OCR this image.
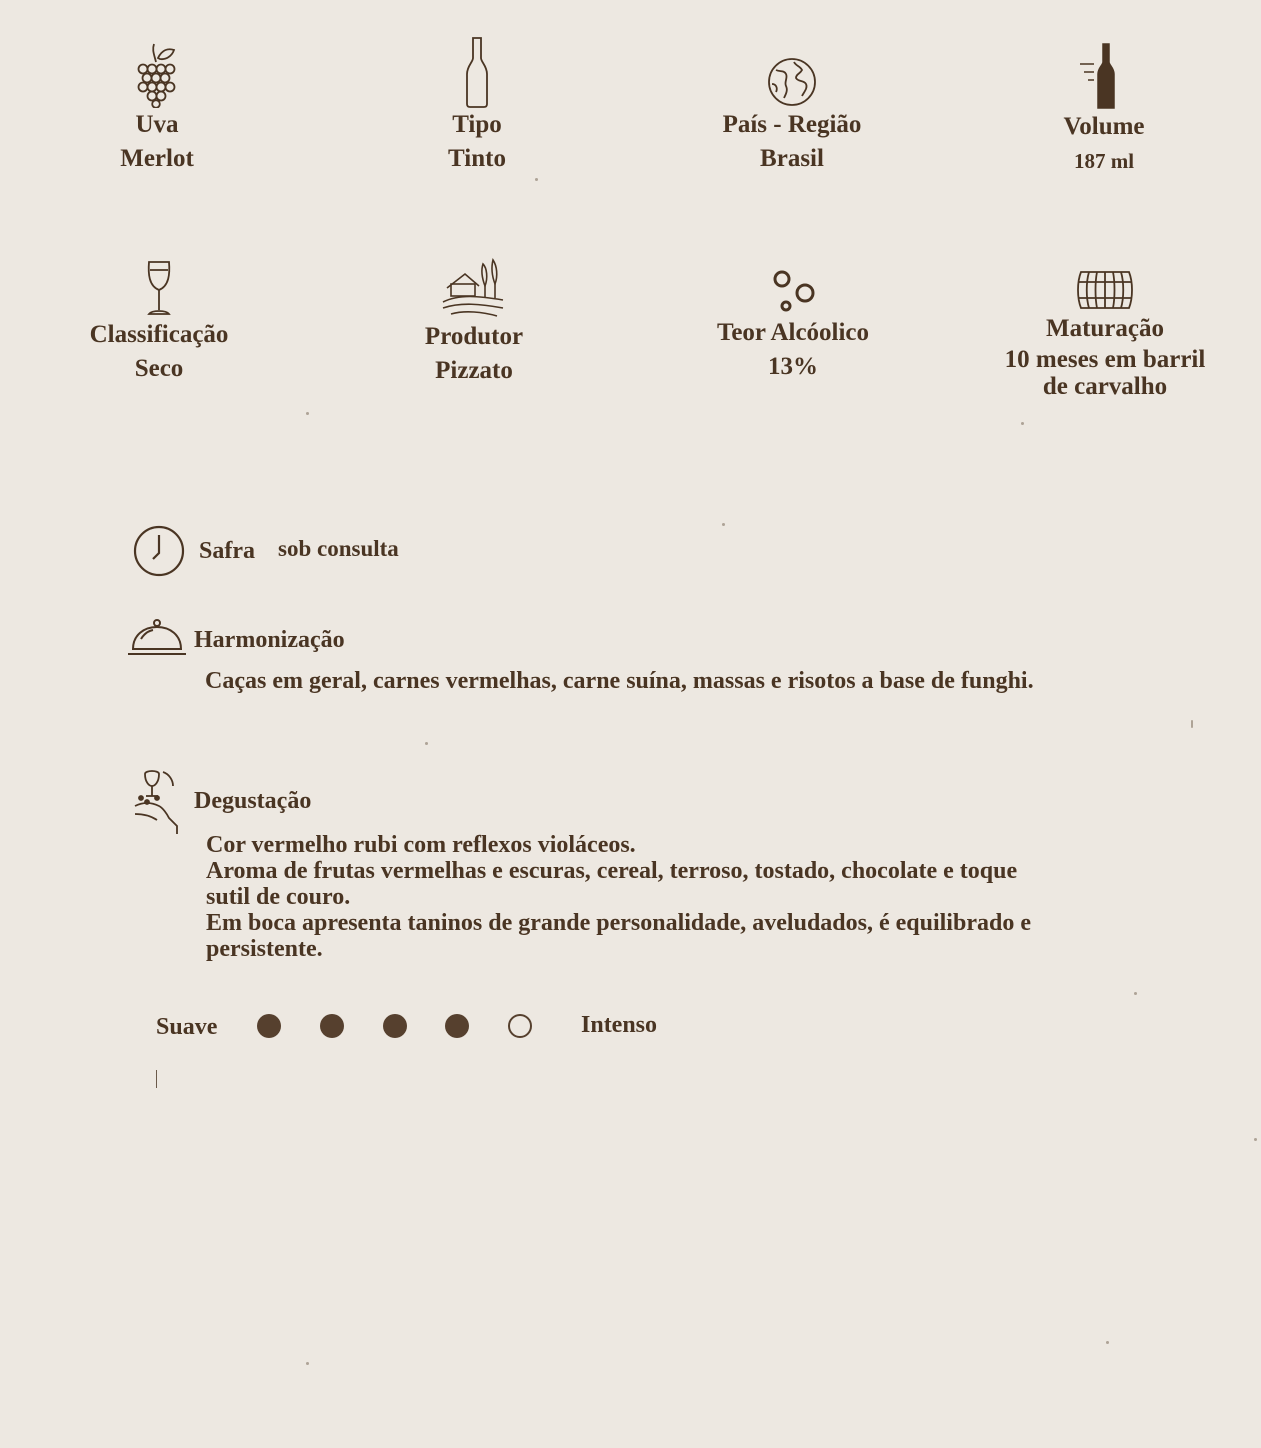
Uva
Merlot
Tipo
Tinto
País - Região
Brasil
Volume
187 ml
Classificação
Seco
Produtor
Pizzato
Teor Alcóolico
13%
Maturação
10 meses em barril
de carvalho
Safra sob consulta
Harmonização
Caças em geral, carnes vermelhas, carne suína, massas e risotos a base de funghi.
Degustação
Cor vermelho rubi com reflexos violáceos.
Aroma de frutas vermelhas e escuras, cereal, terroso, tostado, chocolate e toque
sutil de couro.
Em boca apresenta taninos de grande personalidade, aveludados, é equilibrado e
persistente.
Suave	Intenso
